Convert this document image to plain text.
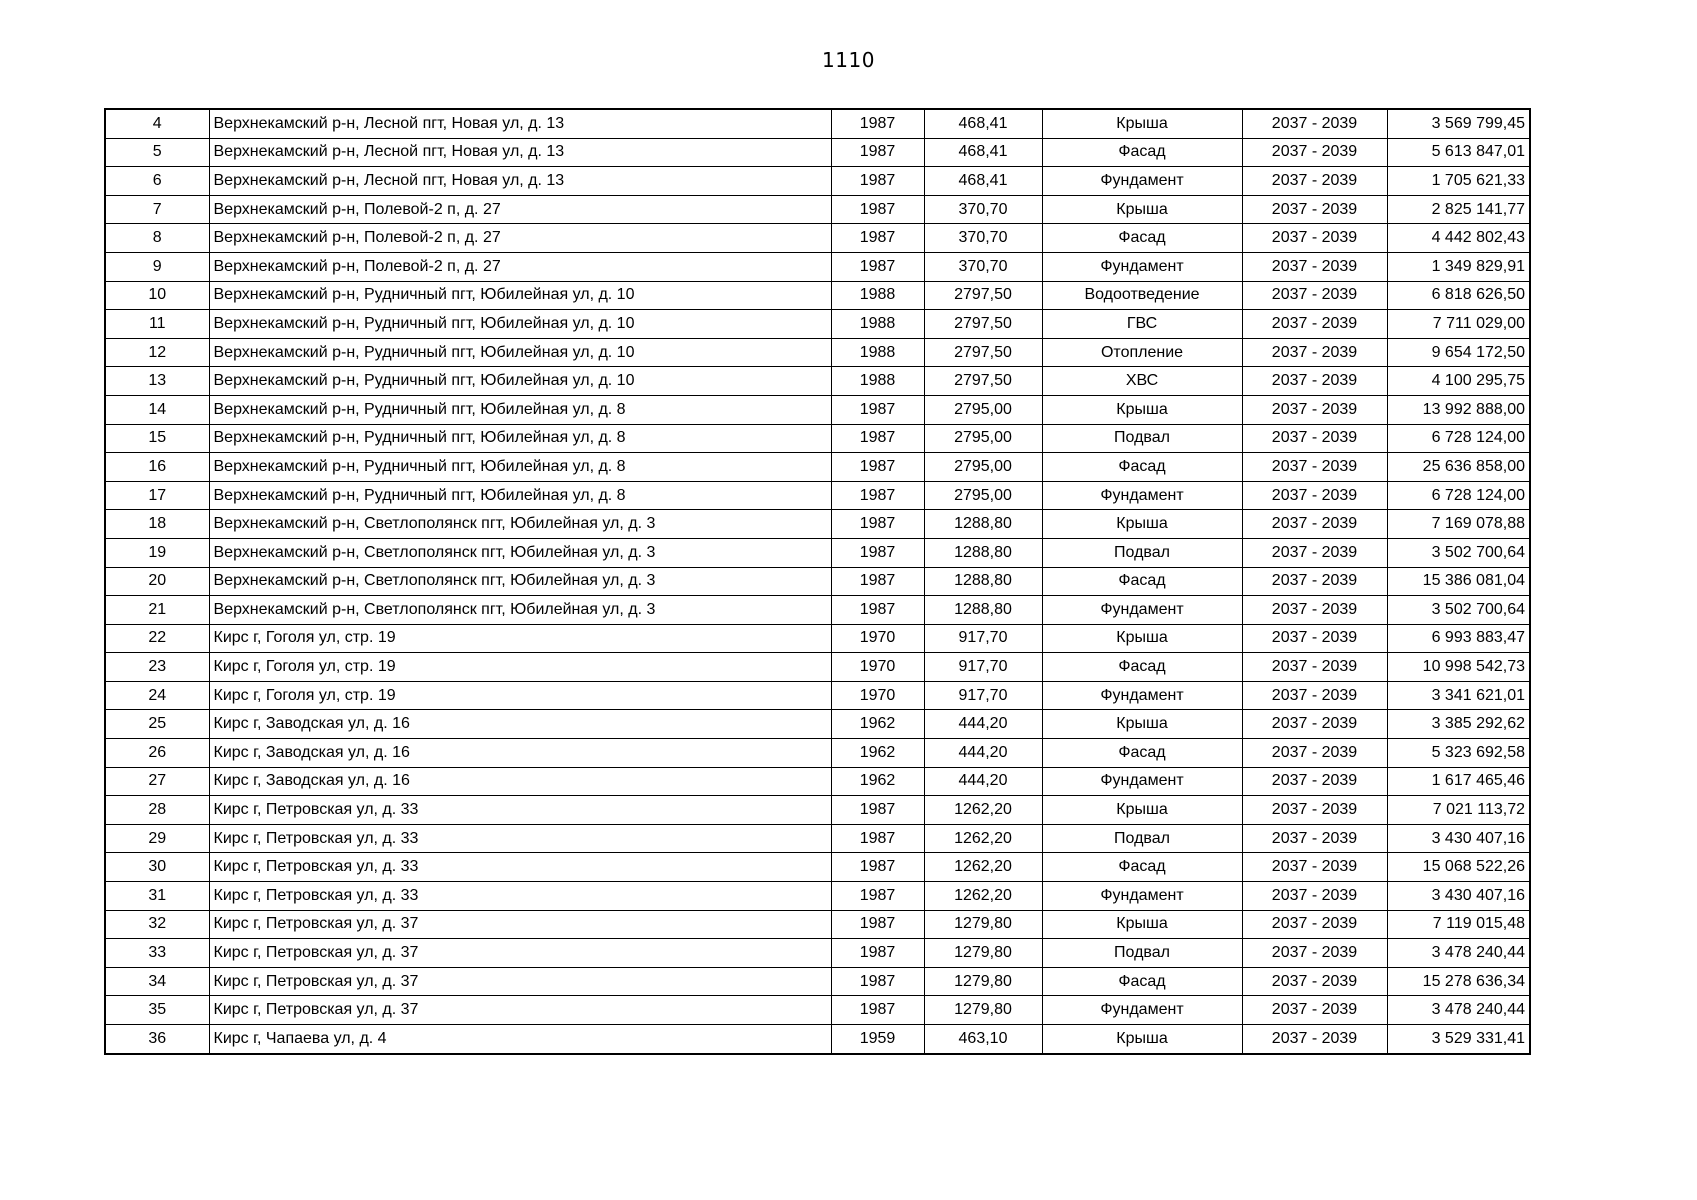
1110
4	Верхнекамский р-н, Лесной пгт, Новая ул, д. 13	1987	468,41	Крыша	2037 - 2039	3 569 799,45
5	Верхнекамский р-н, Лесной пгт, Новая ул, д. 13	1987	468,41	Фасад	2037 - 2039	5 613 847,01
6	Верхнекамский р-н, Лесной пгт, Новая ул, д. 13	1987	468,41	Фундамент	2037 - 2039	1 705 621,33
7	Верхнекамский р-н, Полевой-2 п, д. 27	1987	370,70	Крыша	2037 - 2039	2 825 141,77
8	Верхнекамский р-н, Полевой-2 п, д. 27	1987	370,70	Фасад	2037 - 2039	4 442 802,43
9	Верхнекамский р-н, Полевой-2 п, д. 27	1987	370,70	Фундамент	2037 - 2039	1 349 829,91
10	Верхнекамский р-н, Рудничный пгт, Юбилейная ул, д. 10	1988	2797,50	Водоотведение	2037 - 2039	6 818 626,50
11	Верхнекамский р-н, Рудничный пгт, Юбилейная ул, д. 10	1988	2797,50	ГВС	2037 - 2039	7 711 029,00
12	Верхнекамский р-н, Рудничный пгт, Юбилейная ул, д. 10	1988	2797,50	Отопление	2037 - 2039	9 654 172,50
13	Верхнекамский р-н, Рудничный пгт, Юбилейная ул, д. 10	1988	2797,50	ХВС	2037 - 2039	4 100 295,75
14	Верхнекамский р-н, Рудничный пгт, Юбилейная ул, д. 8	1987	2795,00	Крыша	2037 - 2039	13 992 888,00
15	Верхнекамский р-н, Рудничный пгт, Юбилейная ул, д. 8	1987	2795,00	Подвал	2037 - 2039	6 728 124,00
16	Верхнекамский р-н, Рудничный пгт, Юбилейная ул, д. 8	1987	2795,00	Фасад	2037 - 2039	25 636 858,00
17	Верхнекамский р-н, Рудничный пгт, Юбилейная ул, д. 8	1987	2795,00	Фундамент	2037 - 2039	6 728 124,00
18	Верхнекамский р-н, Светлополянск пгт, Юбилейная ул, д. 3	1987	1288,80	Крыша	2037 - 2039	7 169 078,88
19	Верхнекамский р-н, Светлополянск пгт, Юбилейная ул, д. 3	1987	1288,80	Подвал	2037 - 2039	3 502 700,64
20	Верхнекамский р-н, Светлополянск пгт, Юбилейная ул, д. 3	1987	1288,80	Фасад	2037 - 2039	15 386 081,04
21	Верхнекамский р-н, Светлополянск пгт, Юбилейная ул, д. 3	1987	1288,80	Фундамент	2037 - 2039	3 502 700,64
22	Кирс г, Гоголя ул, стр. 19	1970	917,70	Крыша	2037 - 2039	6 993 883,47
23	Кирс г, Гоголя ул, стр. 19	1970	917,70	Фасад	2037 - 2039	10 998 542,73
24	Кирс г, Гоголя ул, стр. 19	1970	917,70	Фундамент	2037 - 2039	3 341 621,01
25	Кирс г, Заводская ул, д. 16	1962	444,20	Крыша	2037 - 2039	3 385 292,62
26	Кирс г, Заводская ул, д. 16	1962	444,20	Фасад	2037 - 2039	5 323 692,58
27	Кирс г, Заводская ул, д. 16	1962	444,20	Фундамент	2037 - 2039	1 617 465,46
28	Кирс г, Петровская ул, д. 33	1987	1262,20	Крыша	2037 - 2039	7 021 113,72
29	Кирс г, Петровская ул, д. 33	1987	1262,20	Подвал	2037 - 2039	3 430 407,16
30	Кирс г, Петровская ул, д. 33	1987	1262,20	Фасад	2037 - 2039	15 068 522,26
31	Кирс г, Петровская ул, д. 33	1987	1262,20	Фундамент	2037 - 2039	3 430 407,16
32	Кирс г, Петровская ул, д. 37	1987	1279,80	Крыша	2037 - 2039	7 119 015,48
33	Кирс г, Петровская ул, д. 37	1987	1279,80	Подвал	2037 - 2039	3 478 240,44
34	Кирс г, Петровская ул, д. 37	1987	1279,80	Фасад	2037 - 2039	15 278 636,34
35	Кирс г, Петровская ул, д. 37	1987	1279,80	Фундамент	2037 - 2039	3 478 240,44
36	Кирс г, Чапаева ул, д. 4	1959	463,10	Крыша	2037 - 2039	3 529 331,41
